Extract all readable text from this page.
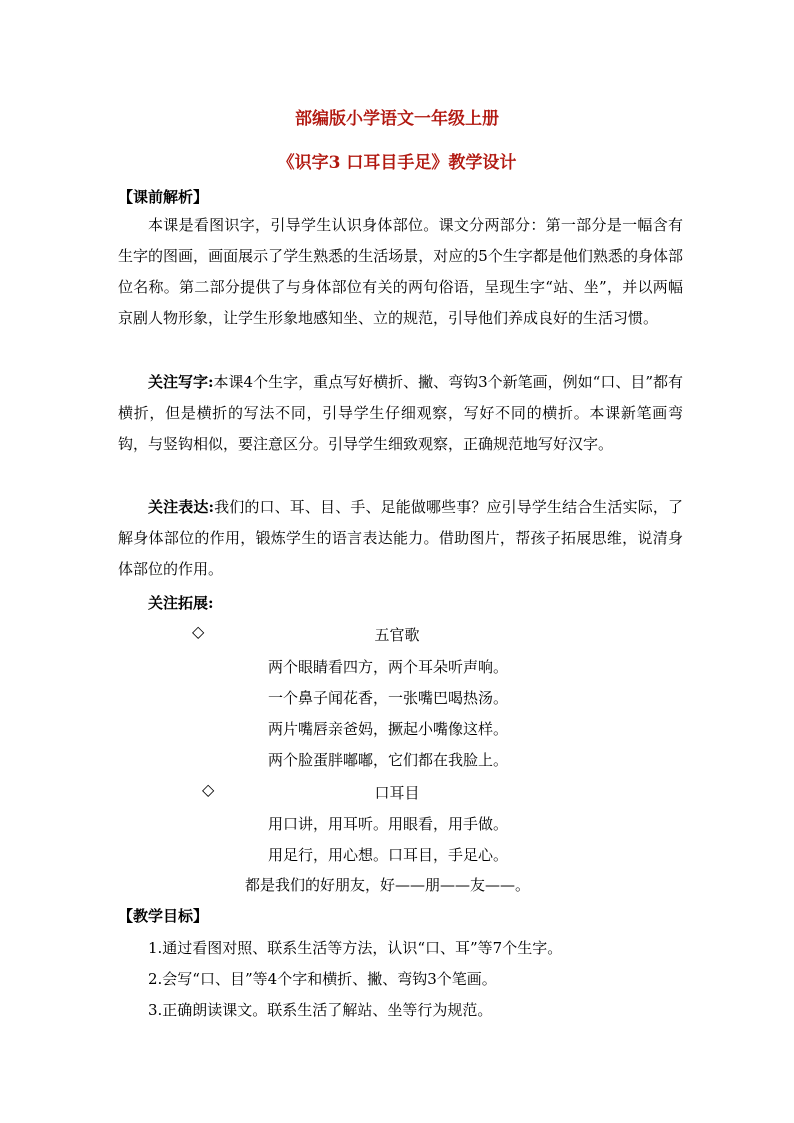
部编版小学语文一年级上册
《识字3 口耳目手足》教学设计
【课前解析】

本课是看图识字，引导学生认识身体部位。课文分两部分：第一部分是一幅含有生字的图画，画面展示了学生熟悉的生活场景，对应的5个生字都是他们熟悉的身体部位名称。第二部分提供了与身体部位有关的两句俗语，呈现生字“站、坐”，并以两幅京剧人物形象，让学生形象地感知坐、立的规范，引导他们养成良好的生活习惯。

关注写字:本课4个生字，重点写好横折、撇、弯钩3个新笔画，例如“口、目”都有横折，但是横折的写法不同，引导学生仔细观察，写好不同的横折。本课新笔画弯钩，与竖钩相似，要注意区分。引导学生细致观察，正确规范地写好汉字。

关注表达:我们的口、耳、目、手、足能做哪些事？应引导学生结合生活实际，了解身体部位的作用，锻炼学生的语言表达能力。借助图片，帮孩子拓展思维，说清身体部位的作用。

关注拓展:
◇	五官歌
两个眼睛看四方，两个耳朵听声响。
一个鼻子闻花香，一张嘴巴喝热汤。
两片嘴唇亲爸妈，撅起小嘴像这样。
两个脸蛋胖嘟嘟，它们都在我脸上。
◇	口耳目
用口讲，用耳听。用眼看，用手做。
用足行，用心想。口耳目，手足心。
都是我们的好朋友，好——朋——友——。
【教学目标】
1.通过看图对照、联系生活等方法，认识“口、耳”等7个生字。
2.会写“口、目”等4个字和横折、撇、弯钩3个笔画。
3.正确朗读课文。联系生活了解站、坐等行为规范。
